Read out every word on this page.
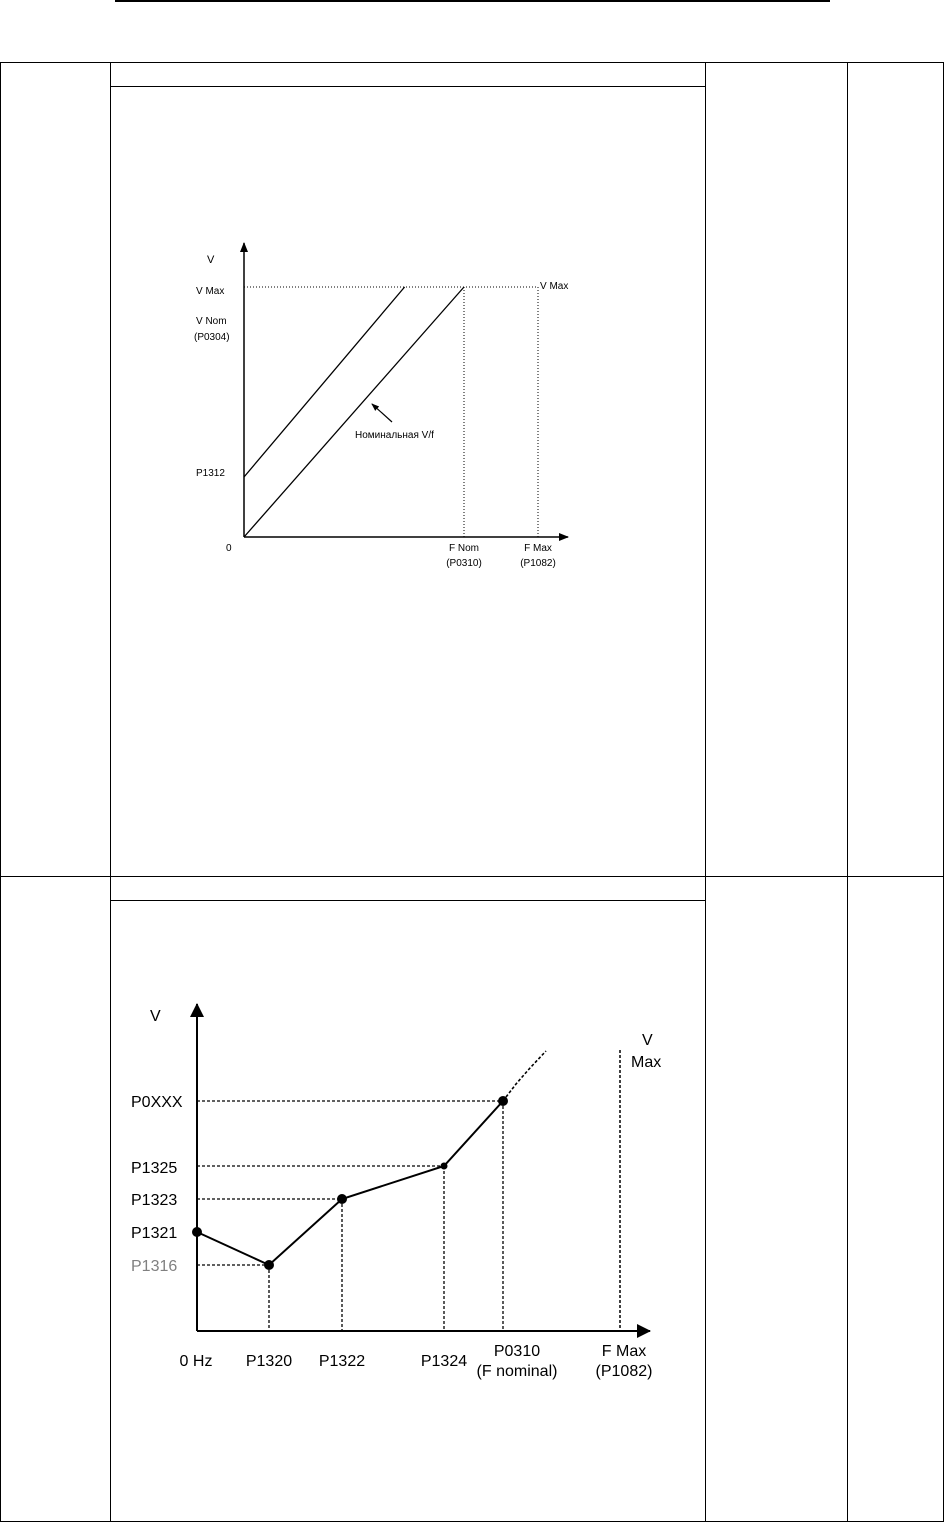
V
V Max
V Nom
(P0304)
P1312
0
V Max
Номинальная V/f
F Nom
(P0310)
F Max
(P1082)
V
V
Max
P0XXX
P1325
P1323
P1321
P1316
0 Hz P1320 P1322	P1324
P0310
(F nominal)
F Max
(P1082)
